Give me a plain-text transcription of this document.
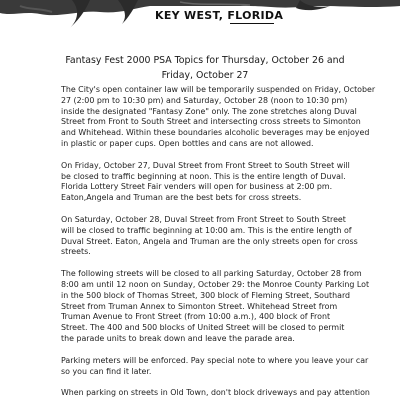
KEY WEST, FLORIDA
Fantasy Fest 2000 PSA Topics for Thursday, October 26 and
Friday, October 27

The City's open container law will be temporarily suspended on Friday, October
27 (2:00 pm to 10:30 pm) and Saturday, October 28 (noon to 10:30 pm)
inside the designated "Fantasy Zone" only. The zone stretches along Duval
Street from Front to South Street and intersecting cross streets to Simonton
and Whitehead. Within these boundaries alcoholic beverages may be enjoyed
in plastic or paper cups. Open bottles and cans are not allowed.

On Friday, October 27, Duval Street from Front Street to South Street will
be closed to traffic beginning at noon. This is the entire length of Duval.
Florida Lottery Street Fair venders will open for business at 2:00 pm.
Eaton,Angela and Truman are the best bets for cross streets.

On Saturday, October 28, Duval Street from Front Street to South Street
will be closed to traffic beginning at 10:00 am. This is the entire length of
Duval Street. Eaton, Angela and Truman are the only streets open for cross
streets.

The following streets will be closed to all parking Saturday, October 28 from
8:00 am until 12 noon on Sunday, October 29: the Monroe County Parking Lot
in the 500 block of Thomas Street, 300 block of Fleming Street, Southard
Street from Truman Annex to Simonton Street. Whitehead Street from
Truman Avenue to Front Street (from 10:00 a.m.), 400 block of Front
Street. The 400 and 500 blocks of United Street will be closed to permit
the parade units to break down and leave the parade area.

Parking meters will be enforced. Pay special note to where you leave your car
so you can find it later.

When parking on streets in Old Town, don't block driveways and pay attention
